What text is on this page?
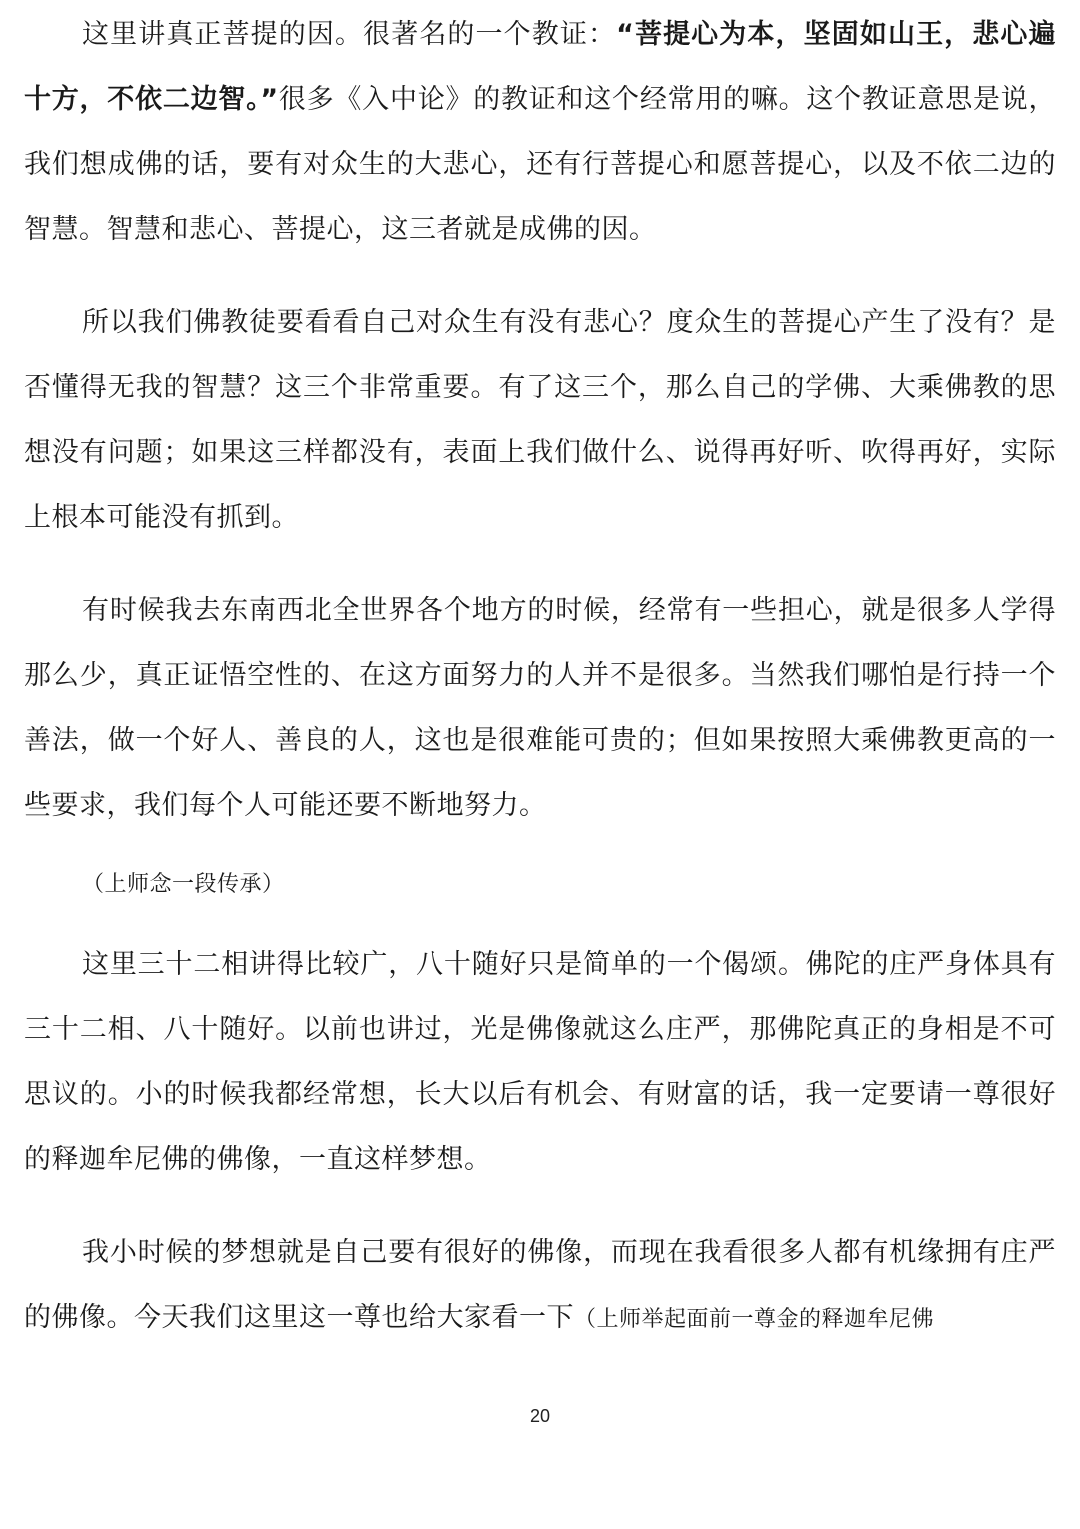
这里讲真正菩提的因。很著名的一个教证：“菩提心为本，坚固如山王，悲心遍十方，不依二边智。”很多《入中论》的教证和这个经常用的嘛。这个教证意思是说，我们想成佛的话，要有对众生的大悲心，还有行菩提心和愿菩提心，以及不依二边的智慧。智慧和悲心、菩提心，这三者就是成佛的因。

所以我们佛教徒要看看自己对众生有没有悲心？度众生的菩提心产生了没有？是否懂得无我的智慧？这三个非常重要。有了这三个，那么自己的学佛、大乘佛教的思想没有问题；如果这三样都没有，表面上我们做什么、说得再好听、吹得再好，实际上根本可能没有抓到。

有时候我去东南西北全世界各个地方的时候，经常有一些担心，就是很多人学得那么少，真正证悟空性的、在这方面努力的人并不是很多。当然我们哪怕是行持一个善法，做一个好人、善良的人，这也是很难能可贵的；但如果按照大乘佛教更高的一些要求，我们每个人可能还要不断地努力。

（上师念一段传承）

这里三十二相讲得比较广，八十随好只是简单的一个偈颂。佛陀的庄严身体具有三十二相、八十随好。以前也讲过，光是佛像就这么庄严，那佛陀真正的身相是不可思议的。小的时候我都经常想，长大以后有机会、有财富的话，我一定要请一尊很好的释迦牟尼佛的佛像，一直这样梦想。

我小时候的梦想就是自己要有很好的佛像，而现在我看很多人都有机缘拥有庄严的佛像。今天我们这里这一尊也给大家看一下（上师举起面前一尊金的释迦牟尼佛

20
